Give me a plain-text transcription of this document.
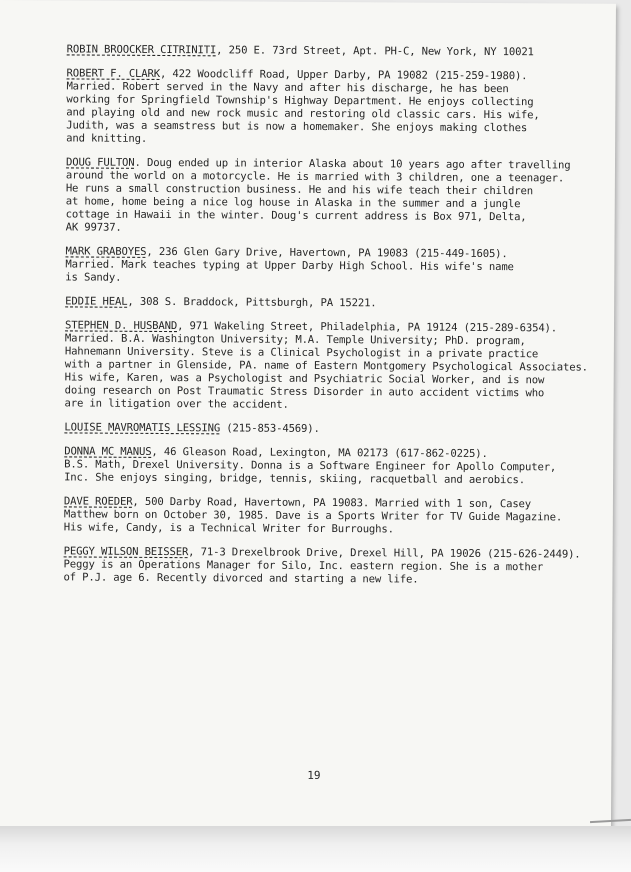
ROBIN BROOCKER CITRINITI, 250 E. 73rd Street, Apt. PH-C, New York, NY 10021
ROBERT F. CLARK, 422 Woodcliff Road, Upper Darby, PA 19082 (215-259-1980).
Married. Robert served in the Navy and after his discharge, he has been
working for Springfield Township's Highway Department. He enjoys collecting
and playing old and new rock music and restoring old classic cars. His wife,
Judith, was a seamstress but is now a homemaker. She enjoys making clothes
and knitting.
DOUG FULTON. Doug ended up in interior Alaska about 10 years ago after travelling
around the world on a motorcycle. He is married with 3 children, one a teenager.
He runs a small construction business. He and his wife teach their children
at home, home being a nice log house in Alaska in the summer and a jungle
cottage in Hawaii in the winter. Doug's current address is Box 971, Delta,
AK 99737.
MARK GRABOYES, 236 Glen Gary Drive, Havertown, PA 19083 (215-449-1605).
Married. Mark teaches typing at Upper Darby High School. His wife's name
is Sandy.
EDDIE HEAL, 308 S. Braddock, Pittsburgh, PA 15221.
STEPHEN D. HUSBAND, 971 Wakeling Street, Philadelphia, PA 19124 (215-289-6354).
Married. B.A. Washington University; M.A. Temple University; PhD. program,
Hahnemann University. Steve is a Clinical Psychologist in a private practice
with a partner in Glenside, PA. name of Eastern Montgomery Psychological Associates.
His wife, Karen, was a Psychologist and Psychiatric Social Worker, and is now
doing research on Post Traumatic Stress Disorder in auto accident victims who
are in litigation over the accident.
LOUISE MAVROMATIS LESSING (215-853-4569).
DONNA MC MANUS, 46 Gleason Road, Lexington, MA 02173 (617-862-0225).
B.S. Math, Drexel University. Donna is a Software Engineer for Apollo Computer,
Inc. She enjoys singing, bridge, tennis, skiing, racquetball and aerobics.
DAVE ROEDER, 500 Darby Road, Havertown, PA 19083. Married with 1 son, Casey
Matthew born on October 30, 1985. Dave is a Sports Writer for TV Guide Magazine.
His wife, Candy, is a Technical Writer for Burroughs.
PEGGY WILSON BEISSER, 71-3 Drexelbrook Drive, Drexel Hill, PA 19026 (215-626-2449).
Peggy is an Operations Manager for Silo, Inc. eastern region. She is a mother
of P.J. age 6. Recently divorced and starting a new life.
19
